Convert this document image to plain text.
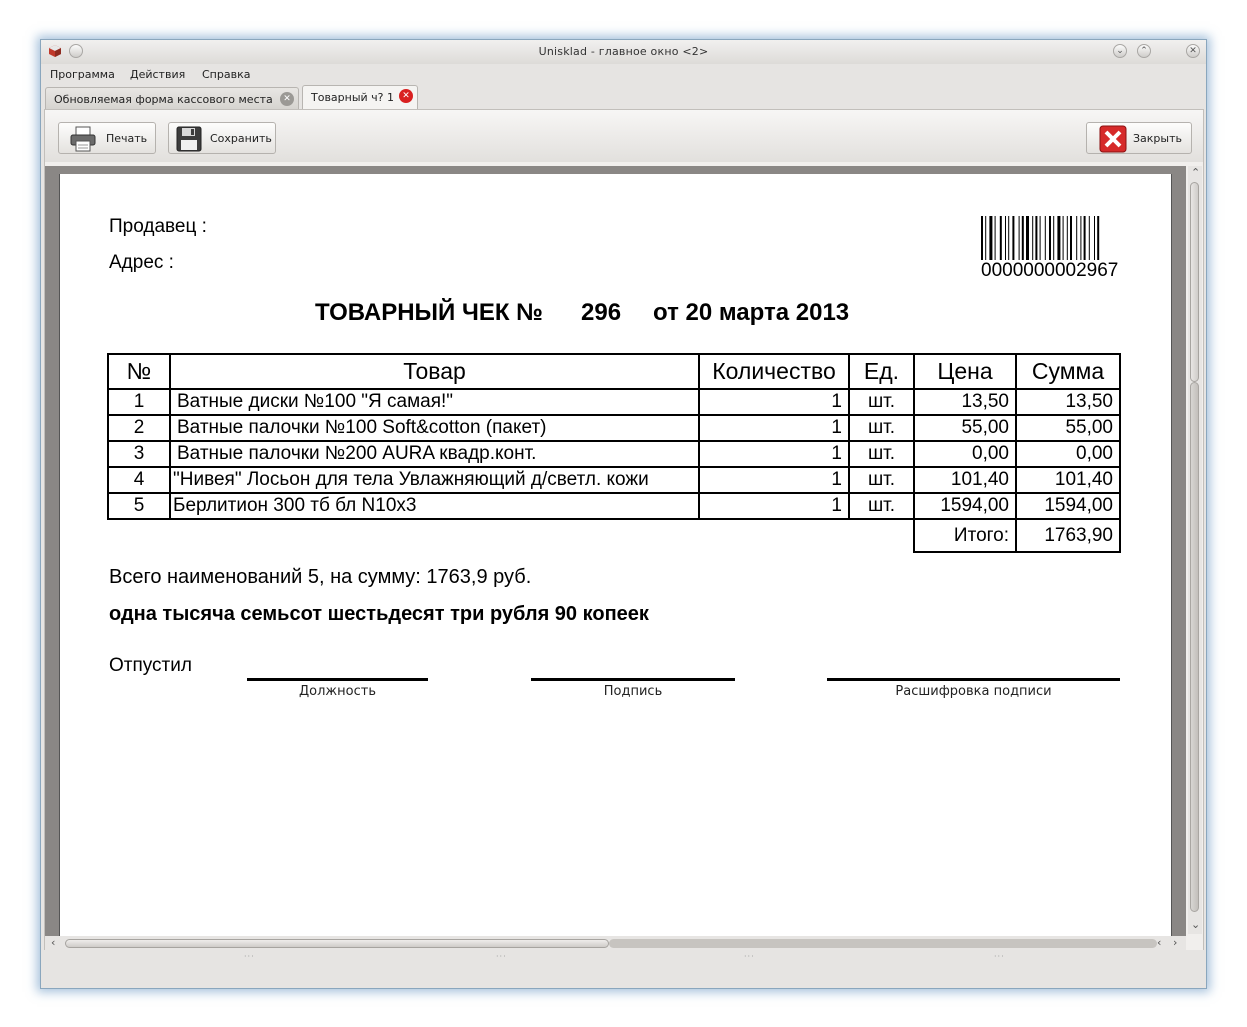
Unisklad - главное окно <2>	⌄	⌃	✕
Программа Действия Справка
Обновляемая форма кассового места	✕	Товарный ч? 1 ✕
Печать	Сохранить	Закрыть
Продавец :
Адрес :	0000000002967
ТОВАРНЫЙ ЧЕК № 296 от 20 марта 2013
№	Товар	Количество	Ед.	Цена	Сумма
1	Ватные диски №100 "Я самая!"	1	шт.	13,50	13,50
2	Ватные палочки №100 Soft&cotton (пакет)	1	шт.	55,00	55,00
3	Ватные палочки №200 AURA квадр.конт.	1	шт.	0,00	0,00
4	"Нивея" Лосьон для тела Увлажняющий д/светл. кожи	1	шт.	101,40	101,40
5	Берлитион 300 тб бл N10х3	1	шт.	1594,00	1594,00
				Итого:	1763,90
Всего наименований 5, на сумму: 1763,9 руб.
одна тысяча семьсот шестьдесят три рубля 90 копеек
Отпустил
Должность	Подпись	Расшифровка подписи
⌃
⌄
‹	‹ ›
···	···	···	···
